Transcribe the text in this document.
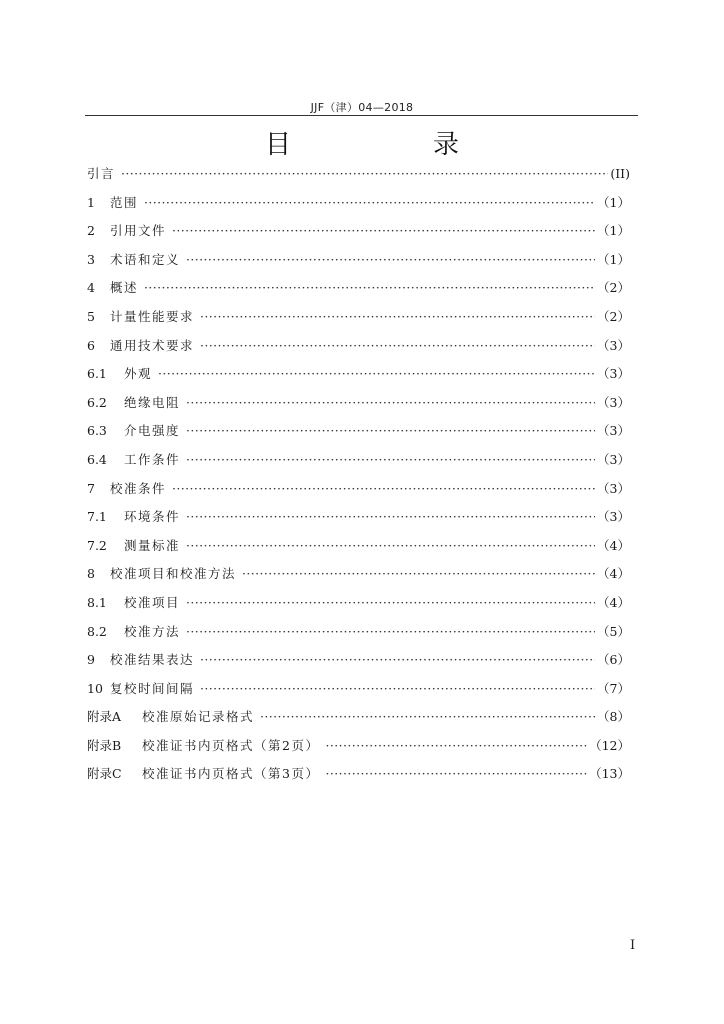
JJF（津）04—2018
目　录
引言 ·····	(II)
1	范围 ·····	（1）
2	引用文件 ·····	（1）
3	术语和定义 ·····	（1）
4	概述 ·····	（2）
5	计量性能要求 ·····	（2）
6	通用技术要求 ·····	（3）
6.1	外观 ·····	（3）
6.2	绝缘电阻 ·····	（3）
6.3	介电强度 ·····	（3）
6.4	工作条件 ·····	（3）
7	校准条件 ·····	（3）
7.1	环境条件 ·····	（3）
7.2	测量标准 ·····	（4）
8	校准项目和校准方法 ·····	（4）
8.1	校准项目 ·····	（4）
8.2	校准方法 ·····	（5）
9	校准结果表达 ·····	（6）
10 复校时间间隔 ·····	（7）
附录A	校准原始记录格式 ·····	（8）
附录B	校准证书内页格式（第2页） ·····	（12）
附录C	校准证书内页格式（第3页） ·····	（13）
I
